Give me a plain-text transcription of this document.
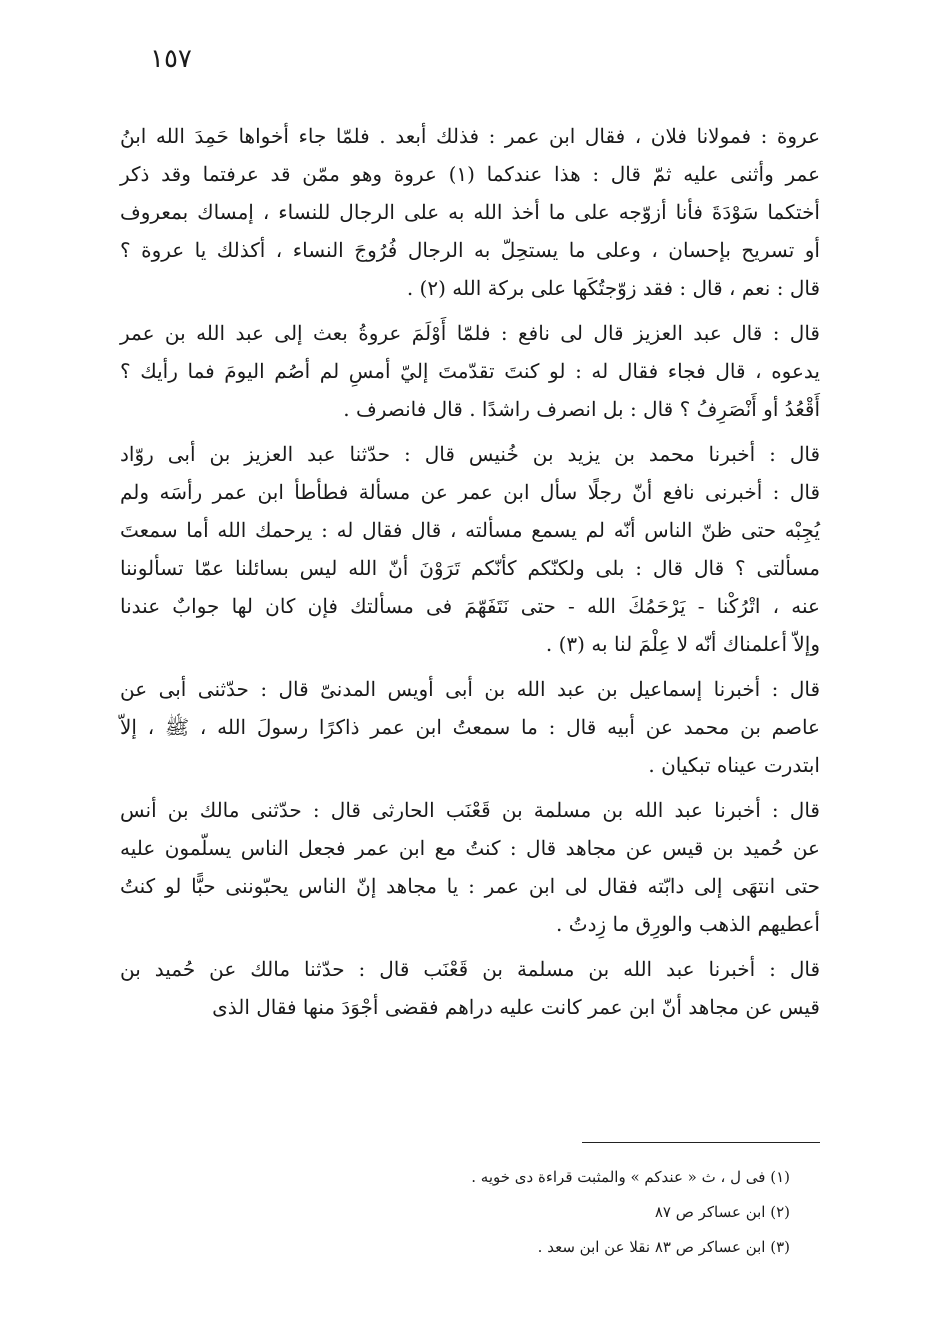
١٥٧
عروة : فمولانا فلان ، فقال ابن عمر : فذلك أبعد . فلمّا جاء أخواها حَمِدَ الله ابنُ
عمر وأثنى عليه ثمّ قال : هذا عندكما (١) عروة وهو ممّن قد عرفتما وقد ذكر
أختكما سَوْدَةَ فأنا أزوّجه على ما أخذ الله به على الرجال للنساء ، إمساك بمعروف
أو تسريح بإحسان ، وعلى ما يستحِلّ به الرجال فُرُوجَ النساء ، أكذلك يا عروة ؟
قال : نعم ، قال : فقد زوّجتُكَها على بركة الله (٢) .
قال : قال عبد العزيز قال لى نافع : فلمّا أَوْلَمَ عروةُ بعث إلى عبد الله بن عمر
يدعوه ، قال فجاء فقال له : لو كنتَ تقدّمتَ إليّ أمسِ لم أصُم اليومَ فما رأيك ؟
أَقْعُدُ أو أَنْصَرِفُ ؟ قال : بل انصرف راشدًا . قال فانصرف .
قال : أخبرنا محمد بن يزيد بن خُنيس قال : حدّثنا عبد العزيز بن أبى روّاد
قال : أخبرنى نافع أنّ رجلًا سأل ابن عمر عن مسألة فطأطأ ابن عمر رأسَه ولم
يُجِبْه حتى ظنّ الناس أنّه لم يسمع مسألته ، قال فقال له : يرحمك الله أما سمعتَ
مسألتى ؟ قال قال : بلى ولكنّكم كأنّكم تَرَوْنَ أنّ الله ليس بسائلنا عمّا تسألوننا
عنه ، اتْرُكْنا - يَرْحَمُكَ الله - حتى نَتَفَهّمَ فى مسألتك فإن كان لها جوابٌ عندنا
وإلاّ أعلمناك أنّه لا عِلْمَ لنا به (٣) .
قال : أخبرنا إسماعيل بن عبد الله بن أبى أويس المدنىّ قال : حدّثنى أبى عن
عاصم بن محمد عن أبيه قال : ما سمعتُ ابن عمر ذاكرًا رسولَ الله ، ﷺ ، إلاّ
ابتدرت عيناه تبكيان .
قال : أخبرنا عبد الله بن مسلمة بن قَعْنَب الحارثى قال : حدّثنى مالك بن أنس
عن حُميد بن قيس عن مجاهد قال : كنتُ مع ابن عمر فجعل الناس يسلّمون عليه
حتى انتهَى إلى دابّته فقال لى ابن عمر : يا مجاهد إنّ الناس يحبّوننى حبًّا لو كنتُ
أعطيهم الذهب والورِق ما زِدتُ .
قال : أخبرنا عبد الله بن مسلمة بن قَعْنَب قال : حدّثنا مالك عن حُميد بن
قيس عن مجاهد أنّ ابن عمر كانت عليه دراهم فقضى أجْوَدَ منها فقال الذى
(١) فى ل ، ث « عندكم » والمثبت قراءة دى خويه .
(٢) ابن عساكر ص ٨٧
(٣) ابن عساكر ص ٨٣ نقلا عن ابن سعد .
